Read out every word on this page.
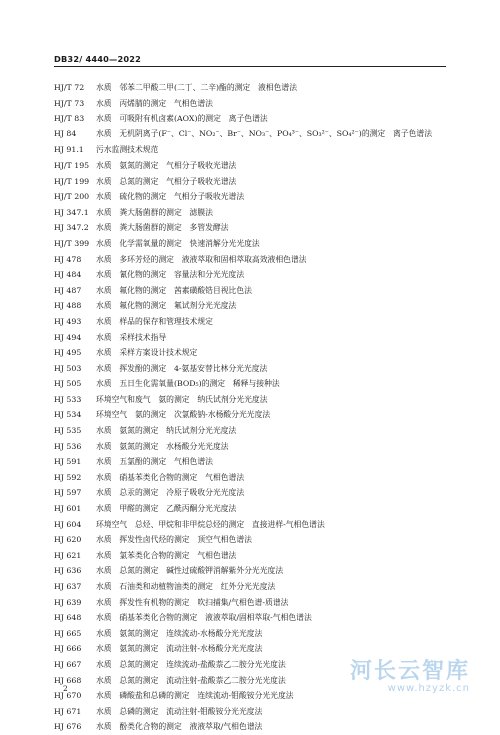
DB32/ 4440—2022
HJ/T 72 水质　邻苯二甲酸二甲(二丁、二辛)酯的测定　液相色谱法
HJ/T 73 水质　丙烯腈的测定　气相色谱法
HJ/T 83 水质　可吸附有机卤素(AOX)的测定　离子色谱法
HJ 84	水质　无机阴离子(F⁻、Cl⁻、NO₂⁻、Br⁻、NO₃⁻、PO₄³⁻、SO₃²⁻、SO₄²⁻)的测定　离子色谱法
HJ 91.1 污水监测技术规范
HJ/T 195 水质　氨氮的测定　气相分子吸收光谱法
HJ/T 199 水质　总氮的测定　气相分子吸收光谱法
HJ/T 200 水质　硫化物的测定　气相分子吸收光谱法
HJ 347.1 水质　粪大肠菌群的测定　滤膜法
HJ 347.2 水质　粪大肠菌群的测定　多管发酵法
HJ/T 399 水质　化学需氧量的测定　快速消解分光光度法
HJ 478 水质　多环芳烃的测定　液液萃取和固相萃取高效液相色谱法
HJ 484 水质　氰化物的测定　容量法和分光光度法
HJ 487 水质　氟化物的测定　茜素磺酸锆目视比色法
HJ 488 水质　氟化物的测定　氟试剂分光光度法
HJ 493 水质　样品的保存和管理技术规定
HJ 494 水质　采样技术指导
HJ 495 水质　采样方案设计技术规定
HJ 503 水质　挥发酚的测定　4-氨基安替比林分光光度法
HJ 505 水质　五日生化需氧量(BOD₅)的测定　稀释与接种法
HJ 533 环境空气和废气　氨的测定　纳氏试剂分光光度法
HJ 534 环境空气　氨的测定　次氯酸钠-水杨酸分光光度法
HJ 535 水质　氨氮的测定　纳氏试剂分光光度法
HJ 536 水质　氨氮的测定　水杨酸分光光度法
HJ 591 水质　五氯酚的测定　气相色谱法
HJ 592 水质　硝基苯类化合物的测定　气相色谱法
HJ 597 水质　总汞的测定　冷原子吸收分光光度法
HJ 601 水质　甲醛的测定　乙酰丙酮分光光度法
HJ 604 环境空气　总烃、甲烷和非甲烷总烃的测定　直接进样-气相色谱法
HJ 620 水质　挥发性卤代烃的测定　顶空气相色谱法
HJ 621 水质　氯苯类化合物的测定　气相色谱法
HJ 636 水质　总氮的测定　碱性过硫酸钾消解紫外分光光度法
HJ 637 水质　石油类和动植物油类的测定　红外分光光度法
HJ 639 水质　挥发性有机物的测定　吹扫捕集/气相色谱-质谱法
HJ 648 水质　硝基苯类化合物的测定　液液萃取/固相萃取-气相色谱法
HJ 665 水质　氨氮的测定　连续流动-水杨酸分光光度法
HJ 666 水质　氨氮的测定　流动注射-水杨酸分光光度法
HJ 667 水质　总氮的测定　连续流动-盐酸萘乙二胺分光光度法
HJ 668 水质　总氮的测定　流动注射-盐酸萘乙二胺分光光度法
HJ 670 水质　磷酸盐和总磷的测定　连续流动-钼酸铵分光光度法
HJ 671 水质　总磷的测定　流动注射-钼酸铵分光光度法
HJ 676 水质　酚类化合物的测定　液液萃取/气相色谱法
2
河长云智库
www.hzyzk.cn
